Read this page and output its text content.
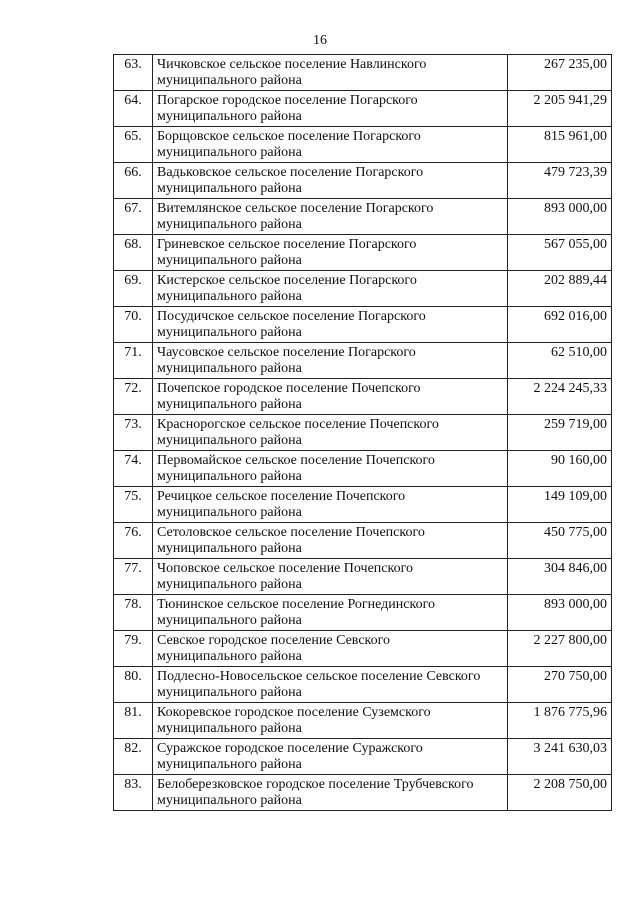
16
63.	Чичковское сельское поселение Навлинского
муниципального района	267 235,00
64.	Погарское городское поселение Погарского
муниципального района	2 205 941,29
65.	Борщовское сельское поселение Погарского
муниципального района	815 961,00
66.	Вадьковское сельское поселение Погарского
муниципального района	479 723,39
67.	Витемлянское сельское поселение Погарского
муниципального района	893 000,00
68.	Гриневское сельское поселение Погарского
муниципального района	567 055,00
69.	Кистерское сельское поселение Погарского
муниципального района	202 889,44
70.	Посудичское сельское поселение Погарского
муниципального района	692 016,00
71.	Чаусовское сельское поселение Погарского
муниципального района	62 510,00
72.	Почепское городское поселение Почепского
муниципального района	2 224 245,33
73.	Краснорогское сельское поселение Почепского
муниципального района	259 719,00
74.	Первомайское сельское поселение Почепского
муниципального района	90 160,00
75.	Речицкое сельское поселение Почепского
муниципального района	149 109,00
76.	Сетоловское сельское поселение Почепского
муниципального района	450 775,00
77.	Чоповское сельское поселение Почепского
муниципального района	304 846,00
78.	Тюнинское сельское поселение Рогнединского
муниципального района	893 000,00
79.	Севское городское поселение Севского
муниципального района	2 227 800,00
80.	Подлесно-Новосельское сельское поселение Севского
муниципального района	270 750,00
81.	Кокоревское городское поселение Суземского
муниципального района	1 876 775,96
82.	Суражское городское поселение Суражского
муниципального района	3 241 630,03
83.	Белоберезковское городское поселение Трубчевского
муниципального района	2 208 750,00
